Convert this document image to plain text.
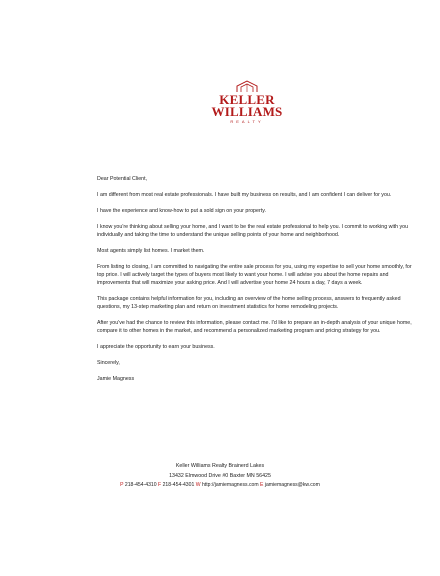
KELLER
WILLIAMS
REALTY

Dear Potential Client,

I am different from most real estate professionals. I have built my business on results, and I am confident I can deliver for you.

I have the experience and know-how to put a sold sign on your property.

I know you're thinking about selling your home, and I want to be the real estate professional to help you. I commit to working with you individually and taking the time to understand the unique selling points of your home and neighborhood.

Most agents simply list homes. I market them.

From listing to closing, I am committed to navigating the entire sale process for you, using my expertise to sell your home smoothly, for top price. I will actively target the types of buyers most likely to want your home. I will advise you about the home repairs and improvements that will maximize your asking price. And I will advertise your home 24 hours a day, 7 days a week.

This package contains helpful information for you, including an overview of the home selling process, answers to frequently asked questions, my 13-step marketing plan and return on investment statistics for home remodeling projects.

After you've had the chance to review this information, please contact me. I'd like to prepare an in-depth analysis of your unique home, compare it to other homes in the market, and recommend a personalized marketing program and pricing strategy for you.

I appreciate the opportunity to earn your business.

Sincerely,

Jamie Magness

Keller Williams Realty Brainerd Lakes
13432 Elmwood Drive #0 Baxter MN 56425
P 218-454-4310 F 218-454-4301 W http://jamiemagness.com E jamiemagness@kw.com
